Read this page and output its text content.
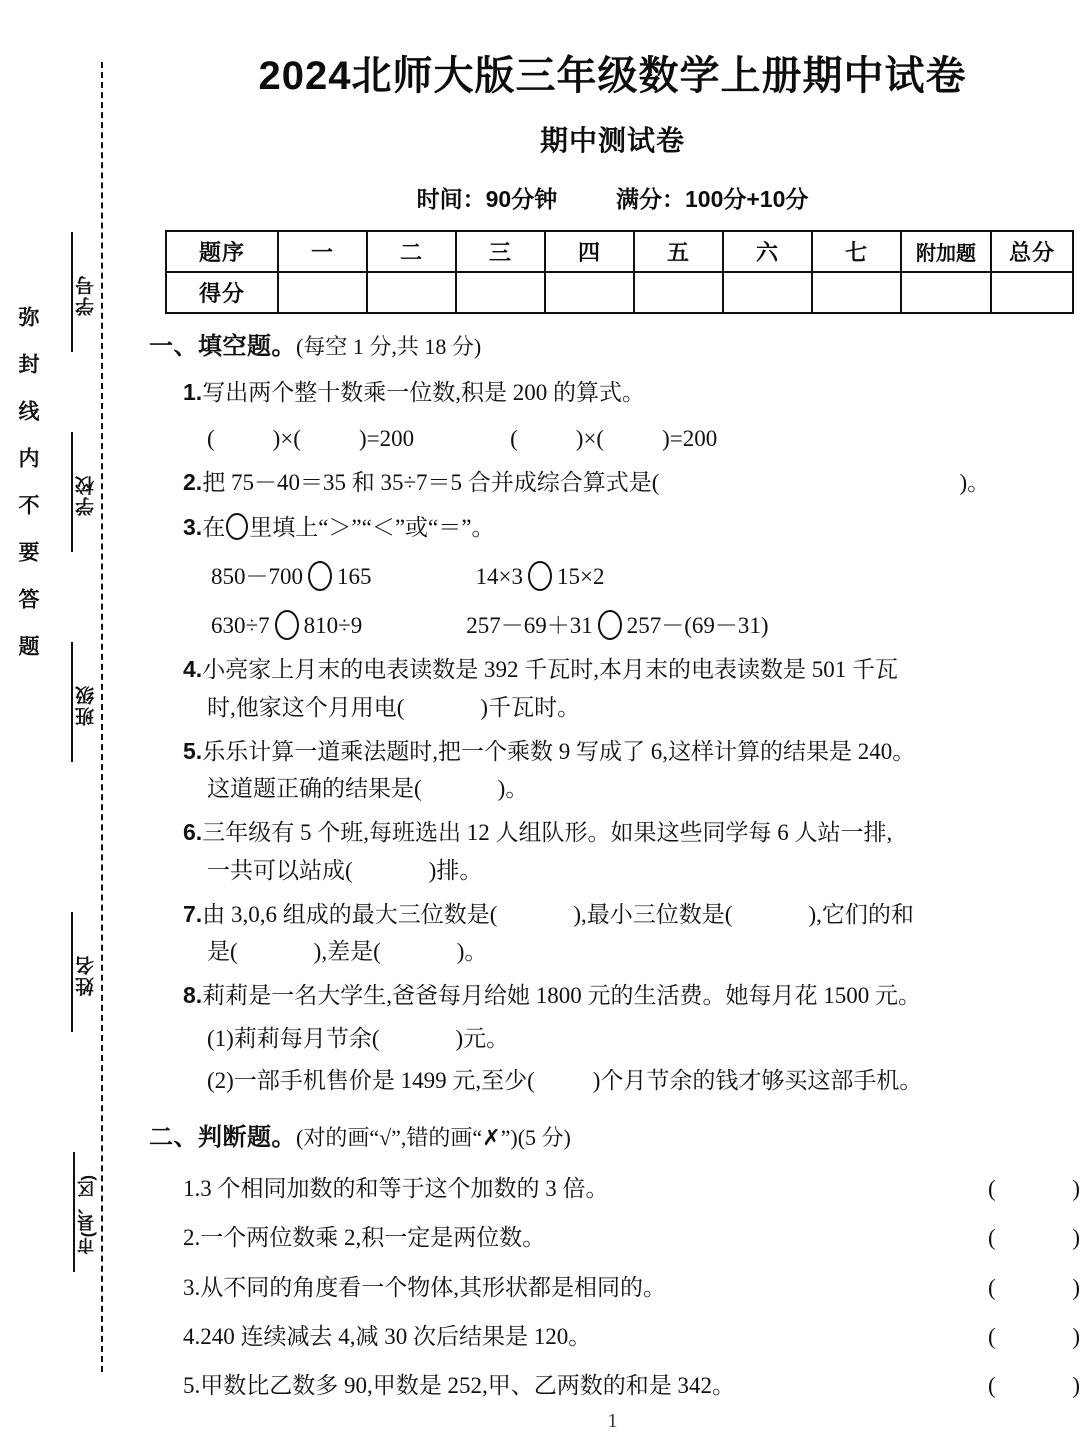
学号
学校
班级
姓名
市(县、区)
弥封线内不要答题
2024北师大版三年级数学上册期中试卷
期中测试卷
时间：90分钟	满分：100分+10分
题序	一	二	三	四	五	六	七	附加题	总分
得分									
一、填空题。(每空 1 分,共 18 分)
1.写出两个整十数乘一位数,积是 200 的算式。
(	)×(	)=200	(	)×(	)=200
2.把 75－40＝35 和 35÷7＝5 合并成综合算式是(	)。
3.在 里填上“＞”“＜”或“＝”。
850－700 165	14×3 15×2
630÷7 810÷9	257－69＋31 257－(69－31)
4.小亮家上月末的电表读数是 392 千瓦时,本月末的电表读数是 501 千瓦
时,他家这个月用电(	)千瓦时。
5.乐乐计算一道乘法题时,把一个乘数 9 写成了 6,这样计算的结果是 240。
这道题正确的结果是(	)。
6.三年级有 5 个班,每班选出 12 人组队形。如果这些同学每 6 人站一排,
一共可以站成(	)排。
7.由 3,0,6 组成的最大三位数是(	),最小三位数是(	),它们的和
是(	),差是(	)。
8.莉莉是一名大学生,爸爸每月给她 1800 元的生活费。她每月花 1500 元。
(1)莉莉每月节余(	)元。
(2)一部手机售价是 1499 元,至少(	)个月节余的钱才够买这部手机。
二、判断题。(对的画“√”,错的画“✗”)(5 分)
1.3 个相同加数的和等于这个加数的 3 倍。	(	)
2.一个两位数乘 2,积一定是两位数。	(	)
3.从不同的角度看一个物体,其形状都是相同的。	(	)
4.240 连续减去 4,减 30 次后结果是 120。	(	)
5.甲数比乙数多 90,甲数是 252,甲、乙两数的和是 342。	(	)
1
